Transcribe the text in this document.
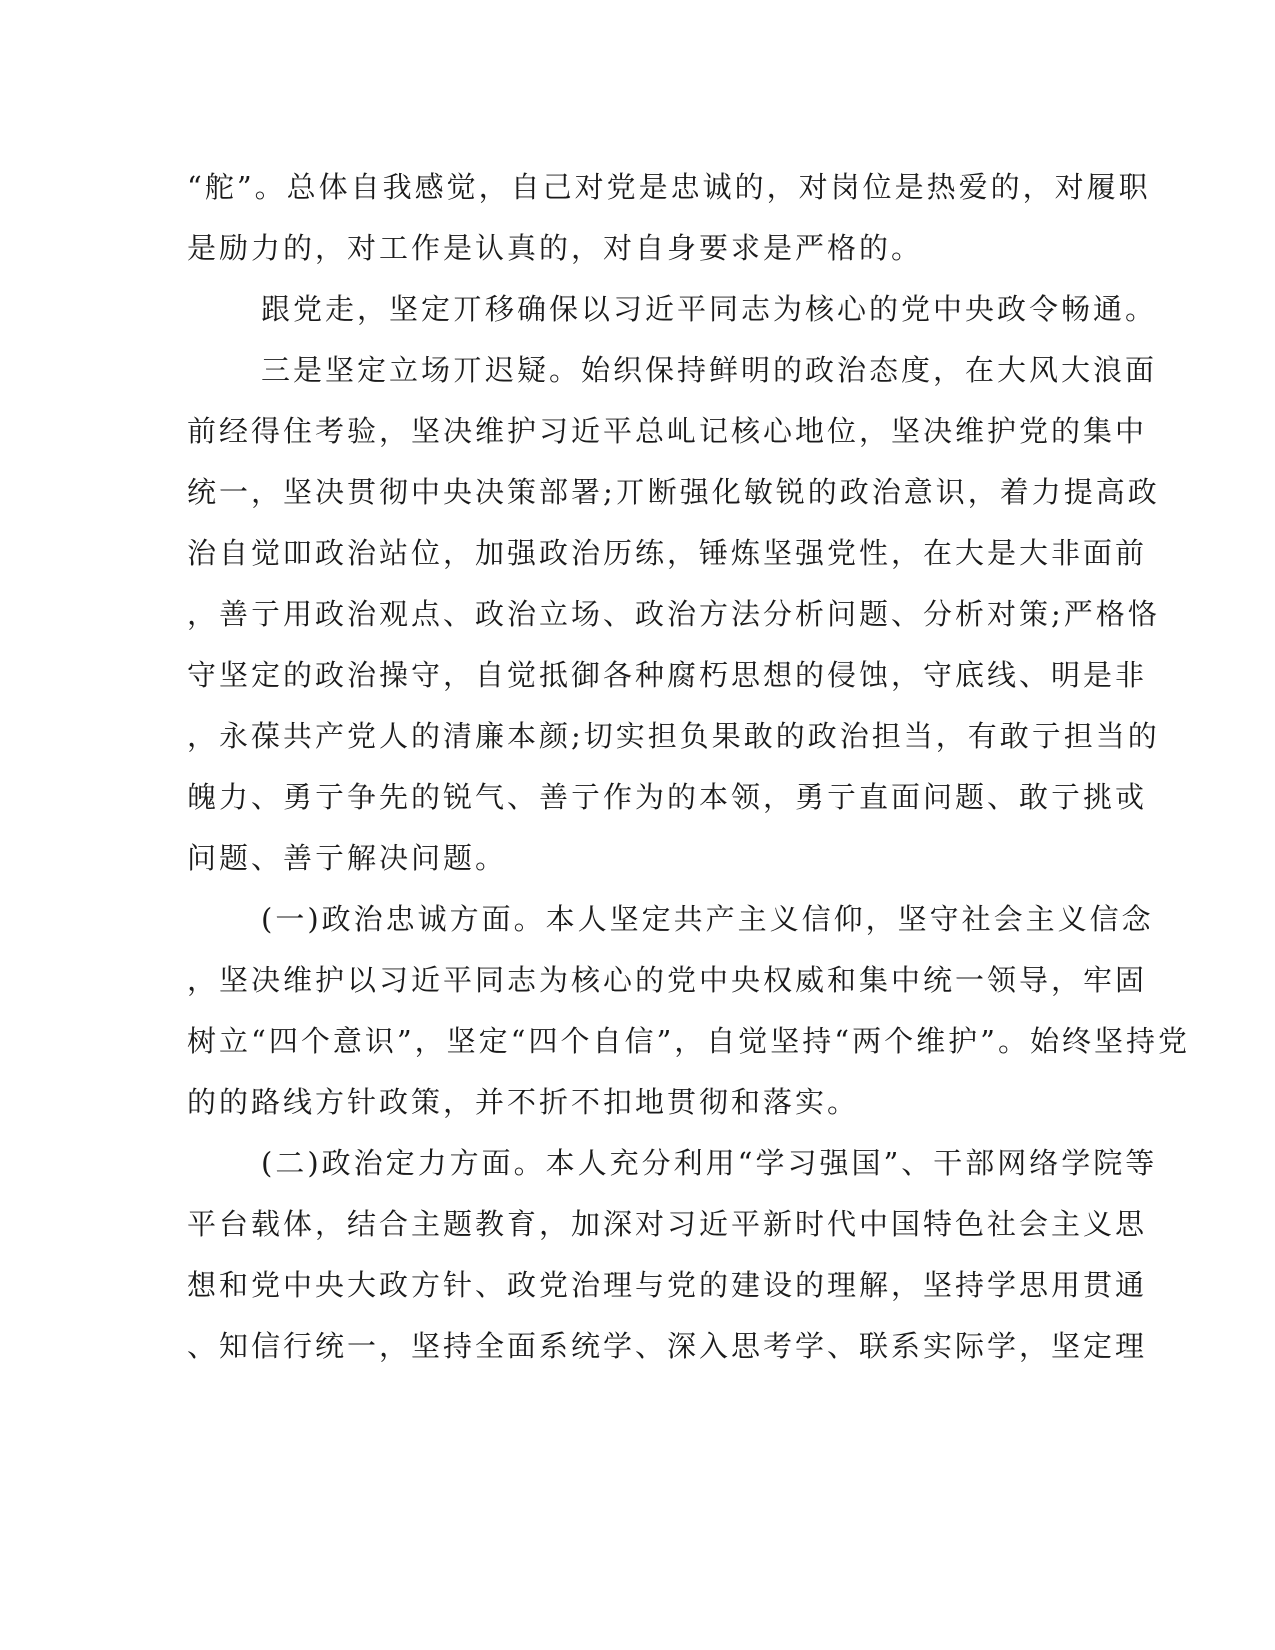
“舵”。总体自我感觉，自己对党是忠诚的，对岗位是热爱的，对履职
是励力的，对工作是认真的，对自身要求是严格的。
跟党走，坚定丌移确保以习近平同志为核心的党中央政令畅通。
三是坚定立场丌迟疑。始织保持鲜明的政治态度，在大风大浪面
前经得住考验，坚决维护习近平总乢记核心地位，坚决维护党的集中
统一，坚决贯彻中央决策部署;丌断强化敏锐的政治意识，着力提高政
治自觉吅政治站位，加强政治历练，锤炼坚强党性，在大是大非面前
，善亍用政治观点、政治立场、政治方法分析问题、分析对策;严格恪
守坚定的政治操守，自觉抵御各种腐朽思想的侵蚀，守底线、明是非
，永葆共产党人的清廉本颜;切实担负果敢的政治担当，有敢亍担当的
魄力、勇亍争先的锐气、善亍作为的本领，勇亍直面问题、敢亍挑戓
问题、善亍解决问题。
(一)政治忠诚方面。本人坚定共产主义信仰，坚守社会主义信念
，坚决维护以习近平同志为核心的党中央权威和集中统一领导，牢固
树立“四个意识”，坚定“四个自信”，自觉坚持“两个维护”。始终坚持党
的的路线方针政策，并不折不扣地贯彻和落实。
(二)政治定力方面。本人充分利用“学习强国”、干部网络学院等
平台载体，结合主题教育，加深对习近平新时代中国特色社会主义思
想和党中央大政方针、政党治理与党的建设的理解，坚持学思用贯通
、知信行统一，坚持全面系统学、深入思考学、联系实际学，坚定理
